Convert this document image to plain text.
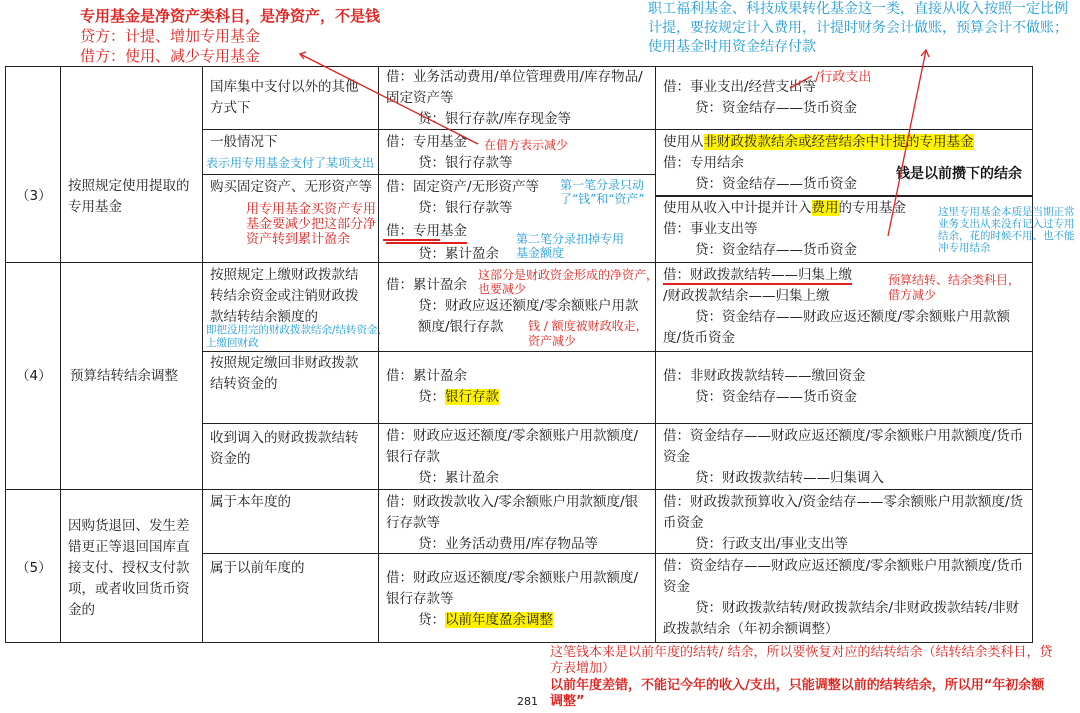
专用基金是净资产类科目，是净资产，不是钱
贷方：计提、增加专用基金
借方：使用、减少专用基金
职工福利基金、科技成果转化基金这一类，直接从收入按照一定比例计提，要按规定计入费用，计提时财务会计做账，预算会计不做账；使用基金时用资金结存付款
国库集中支付以外的其他方式下
借：业务活动费用/单位管理费用/库存物品/固定资产等
贷：银行存款/库存现金等
借：事业支出/经营支出等
贷：资金结存——货币资金
（3）
按照规定使用提取的专用基金
一般情况下
购买固定资产、无形资产等
借：专用基金
贷：银行存款等
借：固定资产/无形资产等
贷：银行存款等
借：专用基金
贷：累计盈余
使用从非财政拨款结余或经营结余中计提的专用基金
借：专用结余
贷：资金结存——货币资金
使用从收入中计提并计入费用的专用基金
借：事业支出等
贷：资金结存——货币资金
（4） 预算结转结余调整
按照规定上缴财政拨款结转结余资金或注销财政拨款结转结余额度的
按照规定缴回非财政拨款结转资金的
收到调入的财政拨款结转资金的
借：累计盈余

贷：财政应返还额度/零余额账户用款额度/银行存款
借：累计盈余
贷：银行存款
借：财政应返还额度/零余额账户用款额度/银行存款
贷：累计盈余
借：财政拨款结转——归集上缴
/财政拨款结余——归集上缴
贷：资金结存——财政应返还额度/零余额账户用款额度/货币资金
借：非财政拨款结转——缴回资金
贷：资金结存——货币资金
借：资金结存——财政应返还额度/零余额账户用款额度/货币资金
贷：财政拨款结转——归集调入
（5）
因购货退回、发生差错更正等退回国库直接支付、授权支付款项，或者收回货币资金的
属于本年度的
属于以前年度的
借：财政拨款收入/零余额账户用款额度/银行存款等
贷：业务活动费用/库存物品等
借：财政应返还额度/零余额账户用款额度/银行存款等
贷：以前年度盈余调整
借：财政拨款预算收入/资金结存——零余额账户用款额度/货币资金
贷：行政支出/事业支出等
借：资金结存——财政应返还额度/零余额账户用款额度/货币资金
贷：财政拨款结转/财政拨款结余/非财政拨款结转/非财政拨款结余（年初余额调整）
/行政支出
在借方表示减少
表示用专用基金支付了某项支出
钱是以前攒下的结余
用专用基金买资产专用基金要减少把这部分净资产转到累计盈余
第一笔分录只动了“钱”和“资产”
第二笔分录扣掉专用基金额度
这里专用基金本质是当期正常业务支出从来没有记入过专用结余，花的时候不用、也不能冲专用结余
这部分是财政资金形成的净资产，也要减少
即把没用完的财政拨款结余/结转资金，上缴回财政
钱 / 额度被财政收走，资产减少
预算结转、结余类科目，借方减少
这笔钱本来是以前年度的结转/ 结余，所以要恢复对应的结转结余（结转结余类科目，贷方表增加）
以前年度差错，不能记今年的收入/支出，只能调整以前的结转结余，所以用“年初余额调整”
281
